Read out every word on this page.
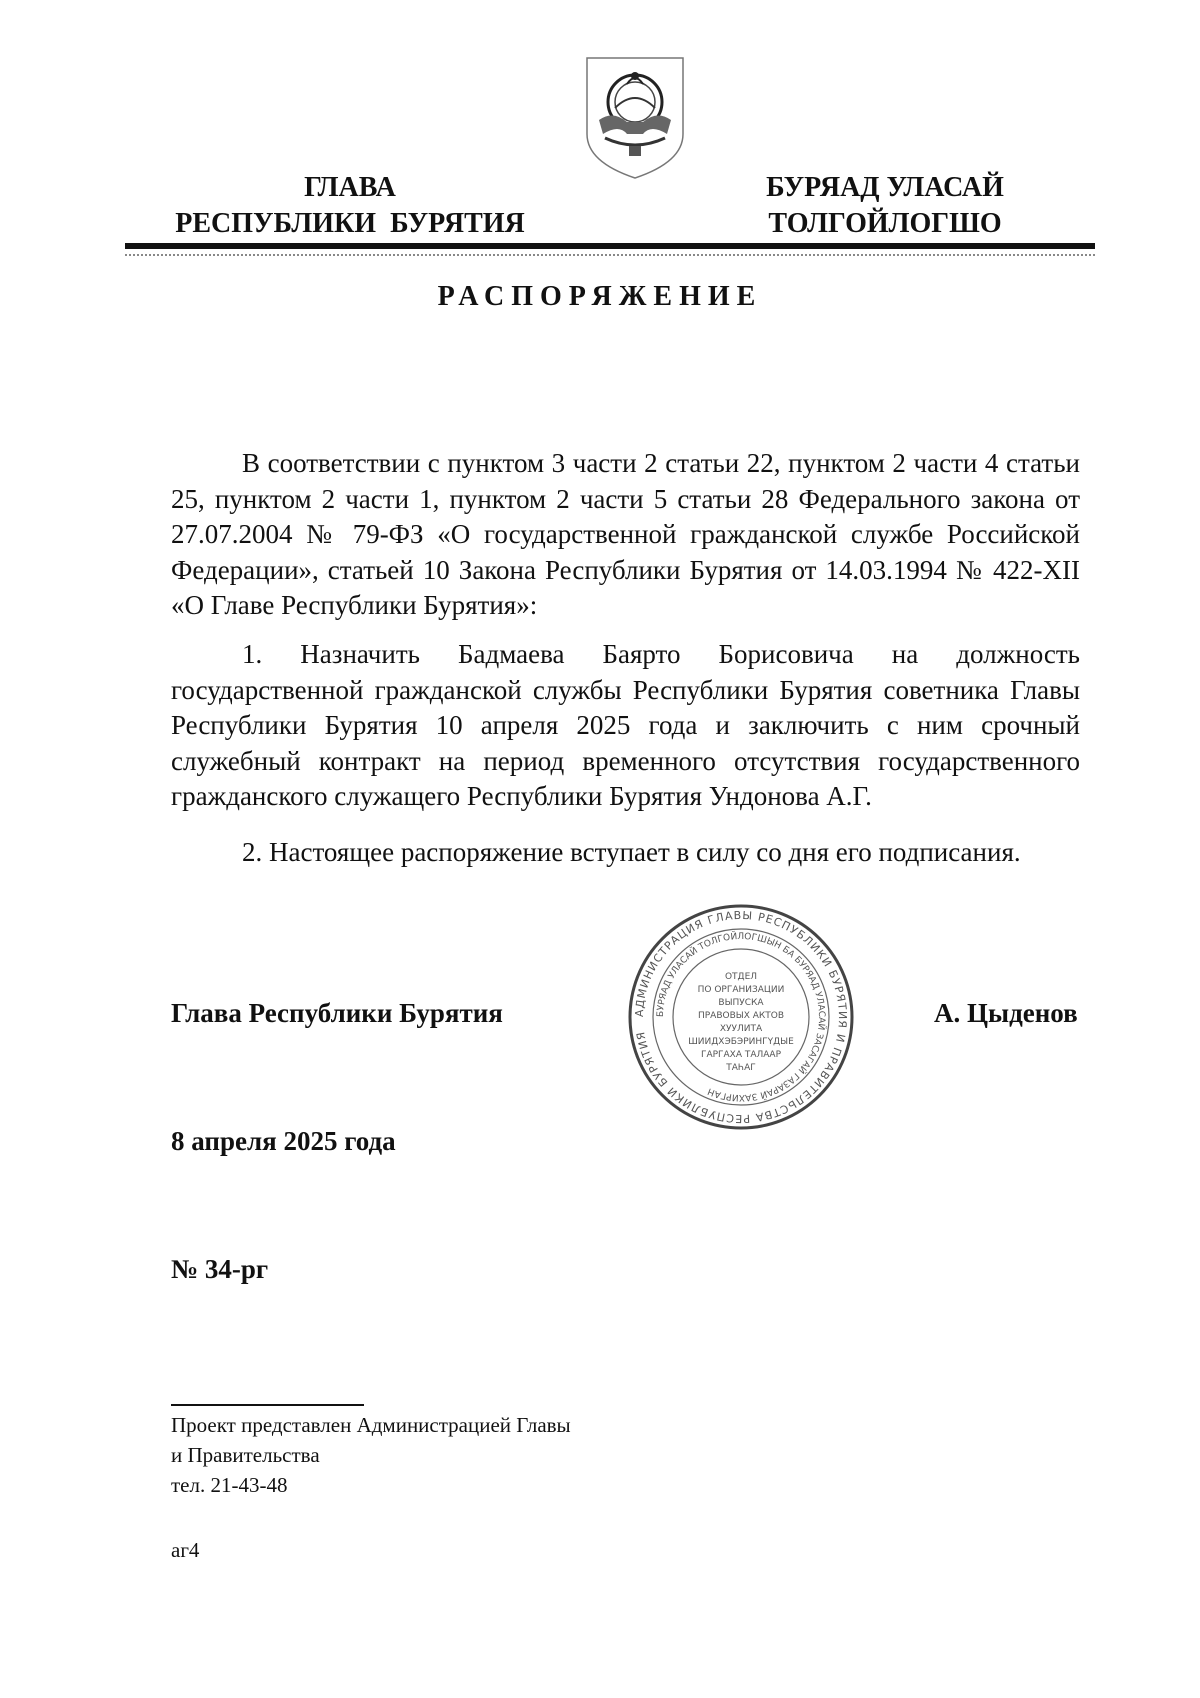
ГЛАВА
РЕСПУБЛИКИ  БУРЯТИЯ
БУРЯАД УЛАСАЙ
ТОЛГОЙЛОГШО
РАСПОРЯЖЕНИЕ
В соответствии с пунктом 3 части 2 статьи 22, пунктом 2 части 4 статьи 25, пунктом 2 части 1, пунктом 2 части 5 статьи 28 Федерального закона от 27.07.2004 № 79-ФЗ «О государственной гражданской службе Российской Федерации», статьей 10 Закона Республики Бурятия от 14.03.1994 № 422-XII «О Главе Республики Бурятия»:
1. Назначить Бадмаева Баярто Борисовича на должность государственной гражданской службы Республики Бурятия советника Главы Республики Бурятия 10 апреля 2025 года и заключить с ним срочный служебный контракт на период временного отсутствия государственного гражданского служащего Республики Бурятия Ундонова А.Г.
2. Настоящее распоряжение вступает в силу со дня его подписания.
АДМИНИСТРАЦИЯ ГЛАВЫ РЕСПУБЛИКИ БУРЯТИЯ И ПРАВИТЕЛЬСТВА РЕСПУБЛИКИ БУРЯТИЯ
БУРЯАД УЛАСАЙ ТОЛГОЙЛОГШЫН БА БУРЯАД УЛАСАЙ ЗАСАГАЙ ГАЗАРАЙ ЗАХИРГАН
ОТДЕЛ
ПО ОРГАНИЗАЦИИ
ВЫПУСКА
ПРАВОВЫХ АКТОВ
ХУУЛИТА
ШИИДХЭБЭРИНГҮДЫЕ
ГАРГАХА ТАЛААР
ТАҺАГ
Глава Республики Бурятия	А. Цыденов
8 апреля 2025 года
№ 34-рг
Проект представлен Администрацией Главы
и Правительства
тел. 21-43-48
аг4
